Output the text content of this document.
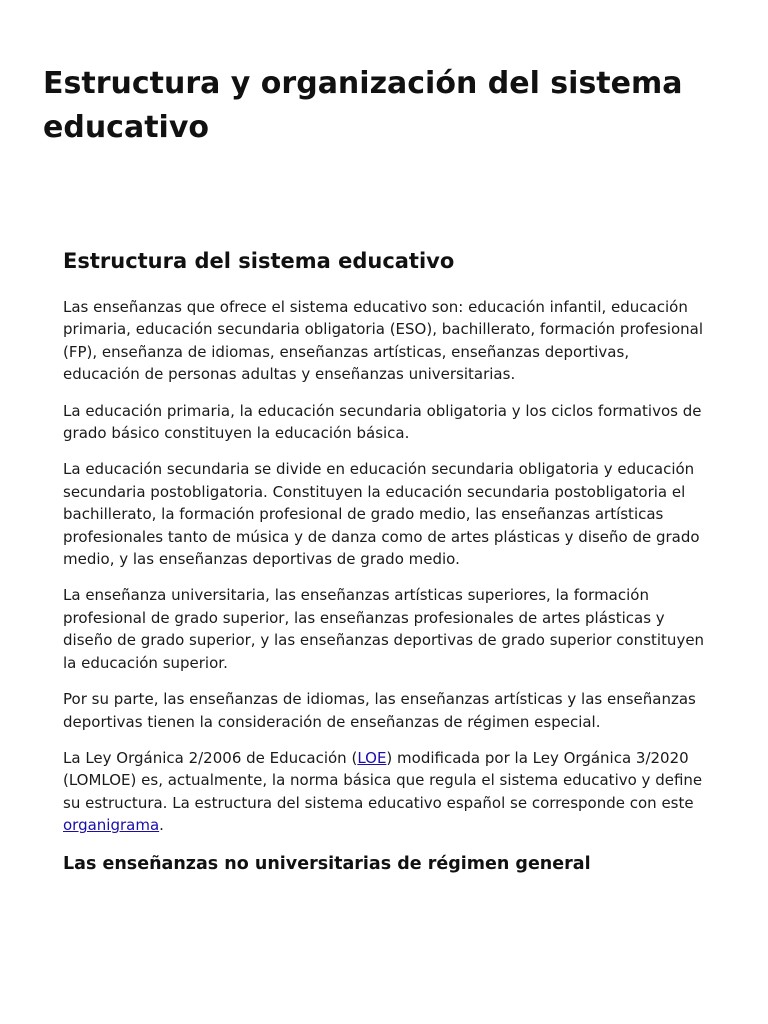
Estructura y organización del sistema educativo
Estructura del sistema educativo

Las enseñanzas que ofrece el sistema educativo son: educación infantil, educación primaria, educación secundaria obligatoria (ESO), bachillerato, formación profesional (FP), enseñanza de idiomas, enseñanzas artísticas, enseñanzas deportivas, educación de personas adultas y enseñanzas universitarias.

La educación primaria, la educación secundaria obligatoria y los ciclos formativos de grado básico constituyen la educación básica.

La educación secundaria se divide en educación secundaria obligatoria y educación secundaria postobligatoria. Constituyen la educación secundaria postobligatoria el bachillerato, la formación profesional de grado medio, las enseñanzas artísticas profesionales tanto de música y de danza como de artes plásticas y diseño de grado medio, y las enseñanzas deportivas de grado medio.

La enseñanza universitaria, las enseñanzas artísticas superiores, la formación profesional de grado superior, las enseñanzas profesionales de artes plásticas y diseño de grado superior, y las enseñanzas deportivas de grado superior constituyen la educación superior.

Por su parte, las enseñanzas de idiomas, las enseñanzas artísticas y las enseñanzas deportivas tienen la consideración de enseñanzas de régimen especial.

La Ley Orgánica 2/2006 de Educación (LOE) modificada por la Ley Orgánica 3/2020 (LOMLOE) es, actualmente, la norma básica que regula el sistema educativo y define su estructura. La estructura del sistema educativo español se corresponde con este organigrama.

Las enseñanzas no universitarias de régimen general
